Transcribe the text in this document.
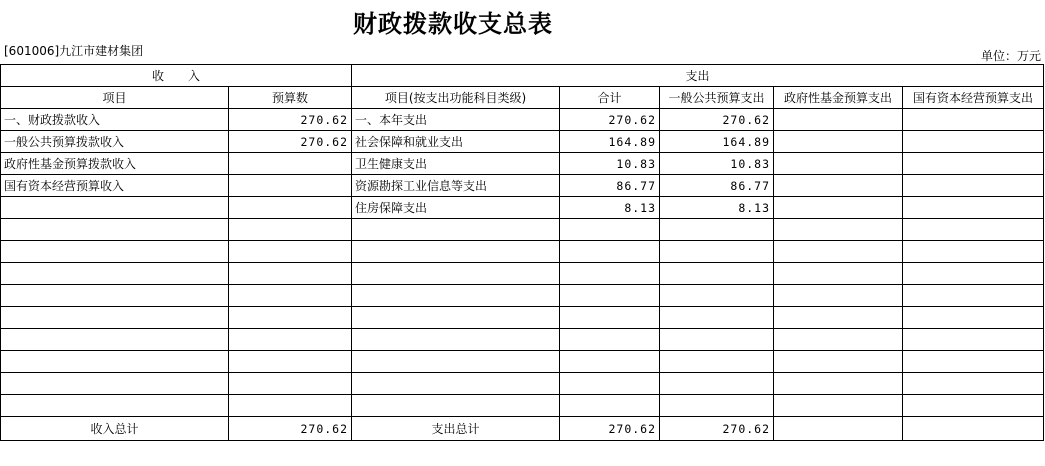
财政拨款收支总表
[601006]九江市建材集团	单位：万元
收　　入		支出				
项目	预算数	项目(按支出功能科目类级)	合计	一般公共预算支出	政府性基金预算支出	国有资本经营预算支出
一、财政拨款收入	270.62	一、本年支出	270.62	270.62		
一般公共预算拨款收入	270.62	社会保障和就业支出	164.89	164.89		
政府性基金预算拨款收入		卫生健康支出	10.83	10.83		
国有资本经营预算收入		资源勘探工业信息等支出	86.77	86.77		
		住房保障支出	8.13	8.13		

收入总计	270.62	支出总计	270.62	270.62		
